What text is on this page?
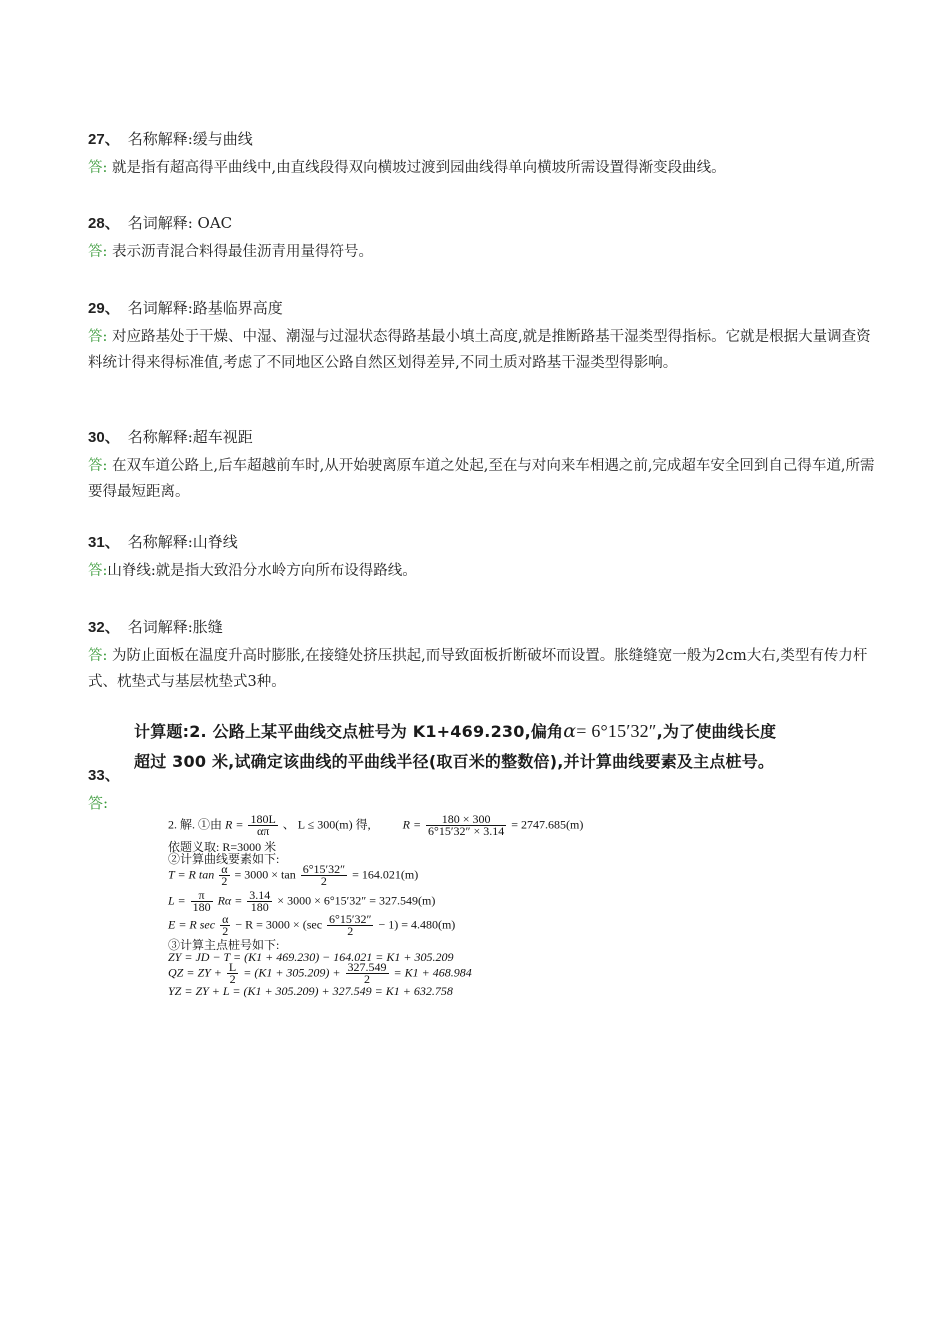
27、 名称解释:缓与曲线
答: 就是指有超高得平曲线中,由直线段得双向横坡过渡到园曲线得单向横坡所需设置得渐变段曲线。
28、 名词解释: OAC
答: 表示沥青混合料得最佳沥青用量得符号。
29、 名词解释:路基临界高度
答: 对应路基处于干燥、中湿、潮湿与过湿状态得路基最小填土高度,就是推断路基干湿类型得指标。它就是根据大量调查资料统计得来得标准值,考虑了不同地区公路自然区划得差异,不同土质对路基干湿类型得影响。
30、 名称解释:超车视距
答: 在双车道公路上,后车超越前车时,从开始驶离原车道之处起,至在与对向来车相遇之前,完成超车安全回到自己得车道,所需要得最短距离。
31、 名称解释:山脊线
答:山脊线:就是指大致沿分水岭方向所布设得路线。
32、 名词解释:胀缝
答: 为防止面板在温度升高时膨胀,在接缝处挤压拱起,而导致面板折断破坏而设置。胀缝缝宽一般为2cm大右,类型有传力杆式、枕垫式与基层枕垫式3种。
计算题:2. 公路上某平曲线交点桩号为 K1+469.230,偏角α= 6°15′32″,为了使曲线长度
超过 300 米,试确定该曲线的平曲线半径(取百米的整数倍),并计算曲线要素及主点桩号。
33、
答:
2. 解. ①由 $R = \frac{180L}{\alpha\pi}$ 、 L ≤ 300(m) 得,	$R = \frac{180 \times 300}{6^\circ 15'32'' \times 3.14} = 2747.685(m)$
依题义取: R=3000 米
②计算曲线要素如下:
T = R $\tan \frac{\alpha}{2} = 3000 \times \tan \frac{6^\circ 15'32''}{2} = 164.021(m)$
$L = \frac{\pi}{180}$ $R\alpha = \frac{3.14}{180} \times 3000 \times 6^\circ 15'32'' = 327.549(m)$
E = R $\sec \frac{\alpha}{2} - R = 3000 \times (\sec \frac{6^\circ 15'32''}{2} - 1) = 4.480(m)$
③计算主点桩号如下:
ZY = JD − T = (K1 + 469.230) − 164.021 = K1 + 305.209
QZ = ZY + $\frac{L}{2} = (K1 + 305.209) + \frac{327.549}{2} = K1 + 468.984$
YZ = ZY + L = (K1 + 305.209) + 327.549 = K1 + 632.758
